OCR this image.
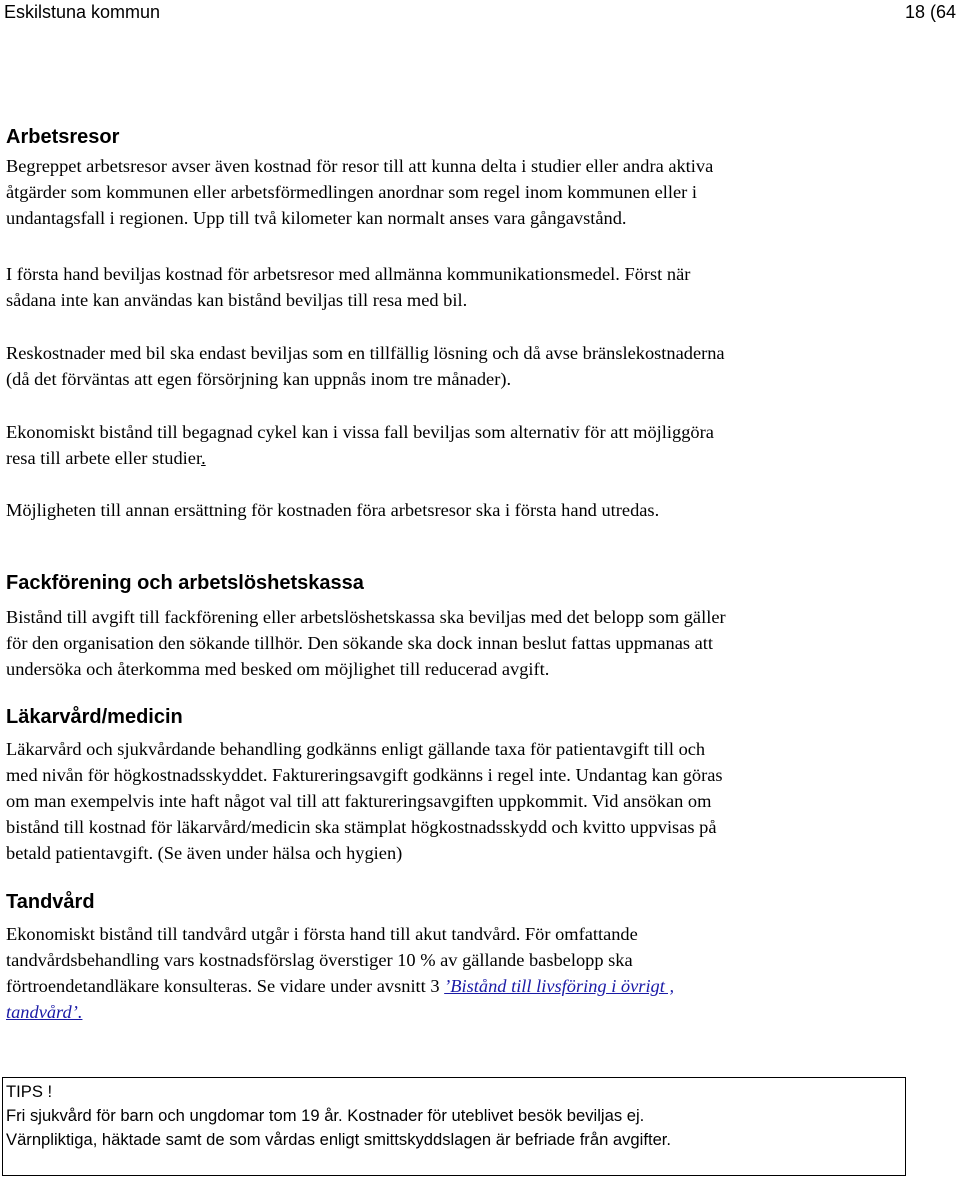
Eskilstuna kommun	18 (64
Arbetsresor
Begreppet arbetsresor avser även kostnad för resor till att kunna delta i studier eller andra aktiva
åtgärder som kommunen eller arbetsförmedlingen anordnar som regel inom kommunen eller i
undantagsfall i regionen. Upp till två kilometer kan normalt anses vara gångavstånd.
I första hand beviljas kostnad för arbetsresor med allmänna kommunikationsmedel. Först när
sådana inte kan användas kan bistånd beviljas till resa med bil.
Reskostnader med bil ska endast beviljas som en tillfällig lösning och då avse bränslekostnaderna
(då det förväntas att egen försörjning kan uppnås inom tre månader).
Ekonomiskt bistånd till begagnad cykel kan i vissa fall beviljas som alternativ för att möjliggöra
resa till arbete eller studier.
Möjligheten till annan ersättning för kostnaden föra arbetsresor ska i första hand utredas.
Fackförening och arbetslöshetskassa
Bistånd till avgift till fackförening eller arbetslöshetskassa ska beviljas med det belopp som gäller
för den organisation den sökande tillhör. Den sökande ska dock innan beslut fattas uppmanas att
undersöka och återkomma med besked om möjlighet till reducerad avgift.
Läkarvård/medicin
Läkarvård och sjukvårdande behandling godkänns enligt gällande taxa för patientavgift till och
med nivån för högkostnadsskyddet. Faktureringsavgift godkänns i regel inte. Undantag kan göras
om man exempelvis inte haft något val till att faktureringsavgiften uppkommit. Vid ansökan om
bistånd till kostnad för läkarvård/medicin ska stämplat högkostnadsskydd och kvitto uppvisas på
betald patientavgift. (Se även under hälsa och hygien)
Tandvård
Ekonomiskt bistånd till tandvård utgår i första hand till akut tandvård. För omfattande
tandvårdsbehandling vars kostnadsförslag överstiger 10 % av gällande basbelopp ska
förtroendetandläkare konsulteras. Se vidare under avsnitt 3 ’Bistånd till livsföring i övrigt ,
tandvård’.
TIPS !
Fri sjukvård för barn och ungdomar tom 19 år. Kostnader för uteblivet besök beviljas ej.
Värnpliktiga, häktade samt de som vårdas enligt smittskyddslagen är befriade från avgifter.
